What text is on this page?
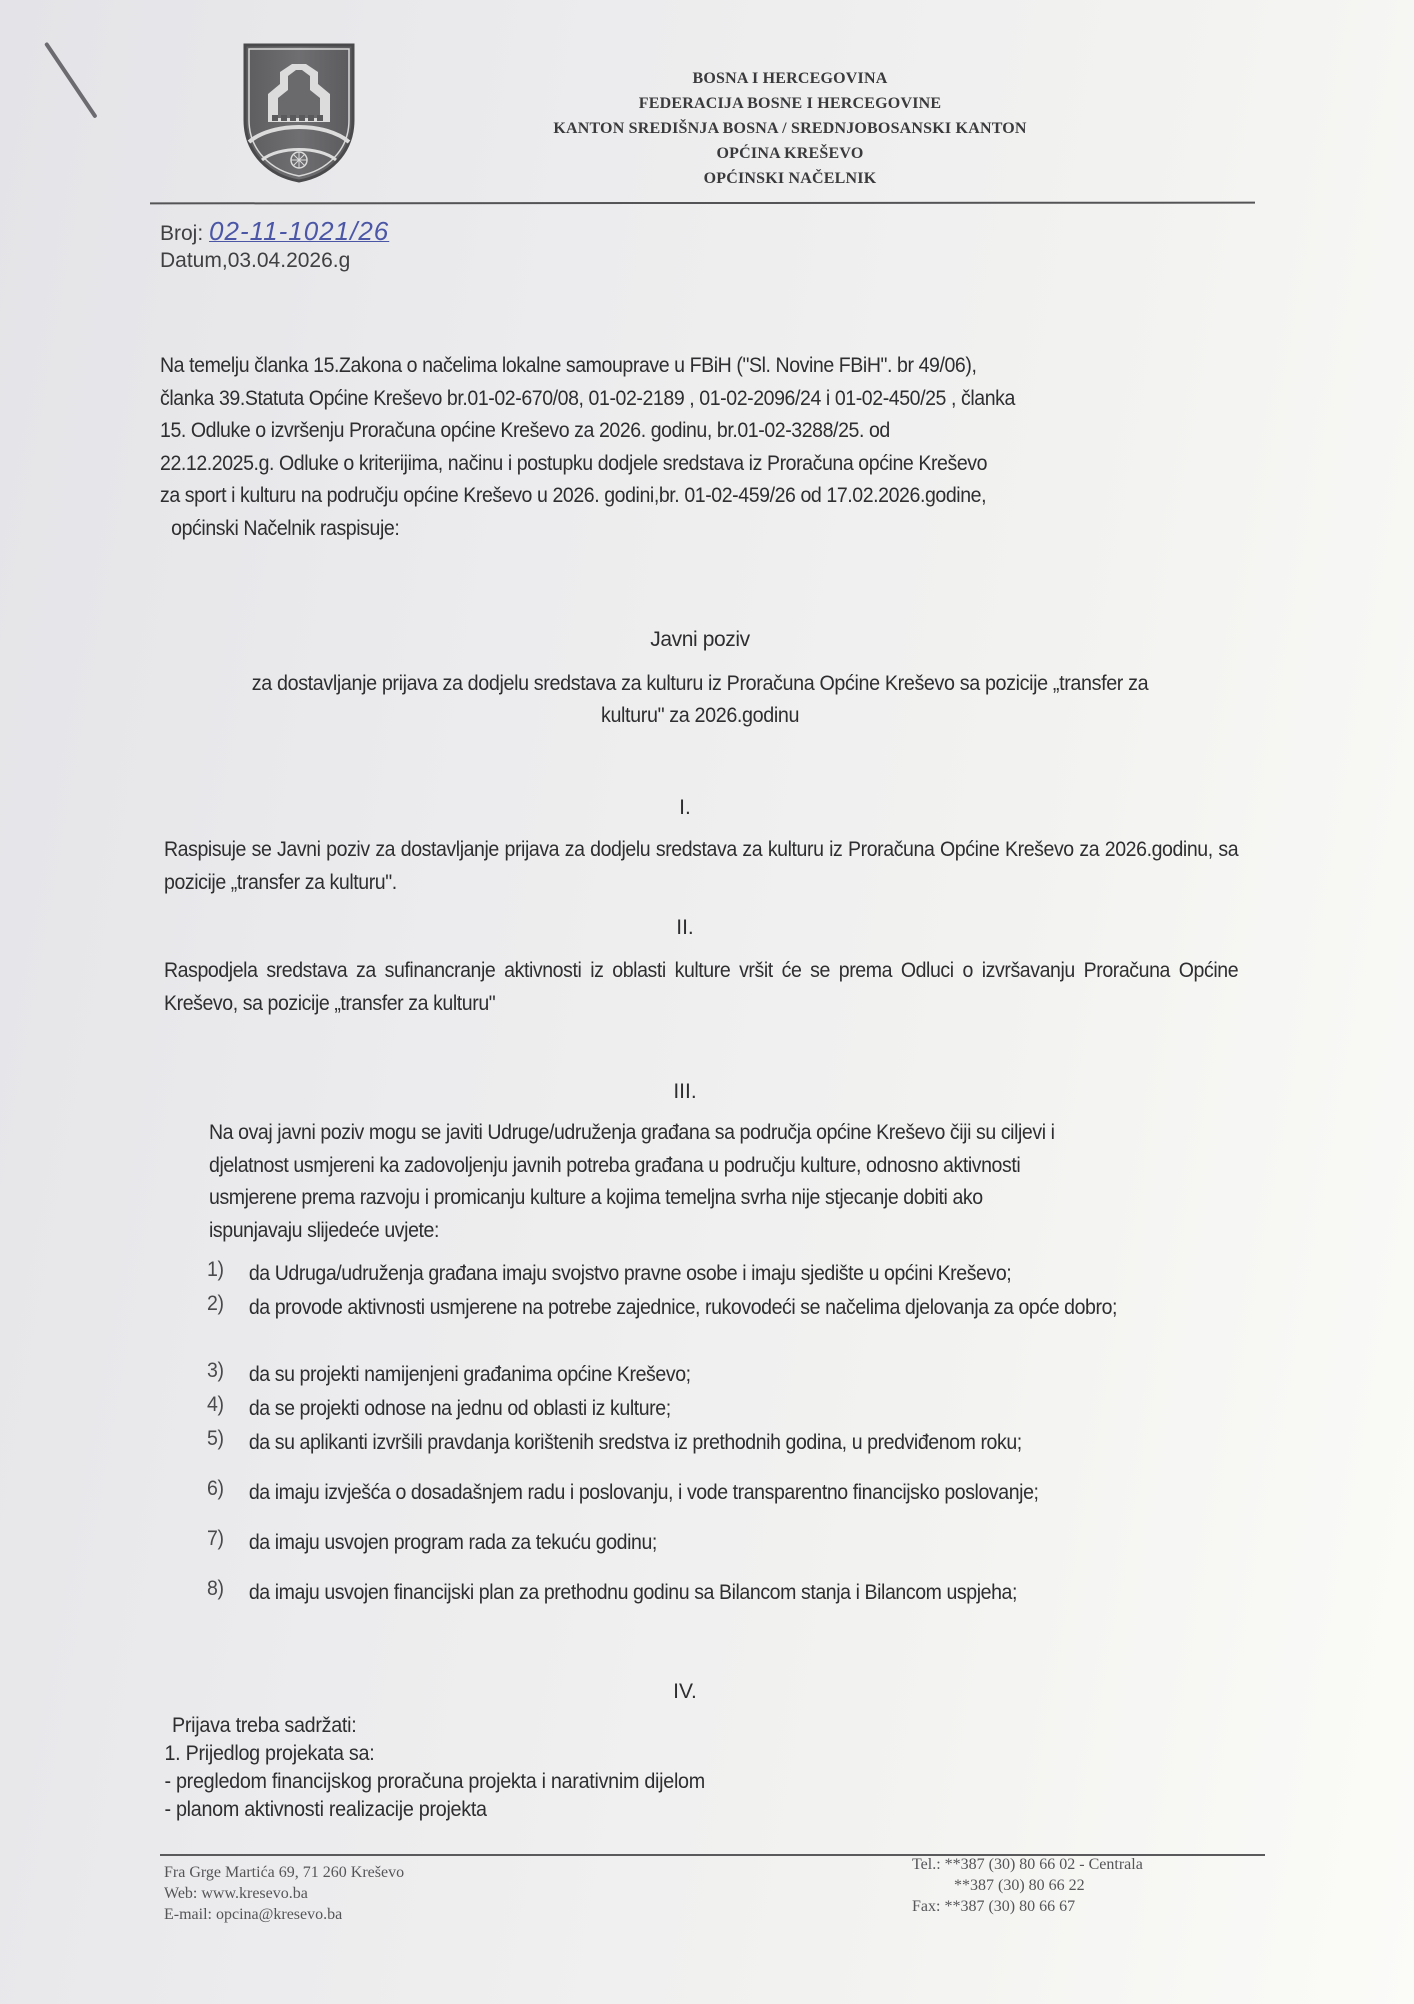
BOSNA I HERCEGOVINA
FEDERACIJA BOSNE I HERCEGOVINE
KANTON SREDIŠNJA BOSNA / SREDNJOBOSANSKI KANTON
OPĆINA KREŠEVO
OPĆINSKI NAČELNIK
Broj: 02-11-1021/26
Datum,03.04.2026.g
Na temelju članka 15.Zakona o načelima lokalne samouprave u FBiH ("Sl. Novine FBiH". br 49/06),
članka 39.Statuta Općine Kreševo br.01-02-670/08, 01-02-2189 , 01-02-2096/24 i 01-02-450/25 , članka
15. Odluke o izvršenju Proračuna općine Kreševo za 2026. godinu, br.01-02-3288/25. od
22.12.2025.g. Odluke o kriterijima, načinu i postupku dodjele sredstava iz Proračuna općine Kreševo
za sport i kulturu na području općine Kreševo u 2026. godini,br. 01-02-459/26 od 17.02.2026.godine,
općinski Načelnik raspisuje:
Javni poziv
za dostavljanje prijava za dodjelu sredstava za kulturu iz Proračuna Općine Kreševo sa pozicije „transfer za
kulturu" za 2026.godinu
I.
Raspisuje se Javni poziv za dostavljanje prijava za dodjelu sredstava za kulturu iz Proračuna Općine Kreševo za 2026.godinu, sa pozicije „transfer za kulturu".
II.
Raspodjela sredstava za sufinancranje aktivnosti iz oblasti kulture vršit će se prema Odluci o izvršavanju Proračuna Općine Kreševo, sa pozicije „transfer za kulturu"
III.
Na ovaj javni poziv mogu se javiti Udruge/udruženja građana sa područja općine Kreševo čiji su ciljevi i
djelatnost usmjereni ka zadovoljenju javnih potreba građana u području kulture, odnosno aktivnosti
usmjerene prema razvoju i promicanju kulture a kojima temeljna svrha nije stjecanje dobiti ako
ispunjavaju slijedeće uvjete:
1)	da Udruga/udruženja građana imaju svojstvo pravne osobe i imaju sjedište u općini Kreševo;
2)	da provode aktivnosti usmjerene na potrebe zajednice, rukovodeći se načelima djelovanja za opće dobro;
3)	da su projekti namijenjeni građanima općine Kreševo;
4)	da se projekti odnose na jednu od oblasti iz kulture;
5)	da su aplikanti izvršili pravdanja korištenih sredstva iz prethodnih godina, u predviđenom roku;
6)	da imaju izvješća o dosadašnjem radu i poslovanju, i vode transparentno financijsko poslovanje;
7)	da imaju usvojen program rada za tekuću godinu;
8)	da imaju usvojen financijski plan za prethodnu godinu sa Bilancom stanja i Bilancom uspjeha;
IV.
Prijava treba sadržati:
1. Prijedlog projekata sa:
- pregledom financijskog proračuna projekta i narativnim dijelom
- planom aktivnosti realizacije projekta
Fra Grge Martića 69, 71 260 Kreševo
Web: www.kresevo.ba
E-mail: opcina@kresevo.ba
Tel.: **387 (30) 80 66 02 - Centrala
**387 (30) 80 66 22
Fax: **387 (30) 80 66 67
